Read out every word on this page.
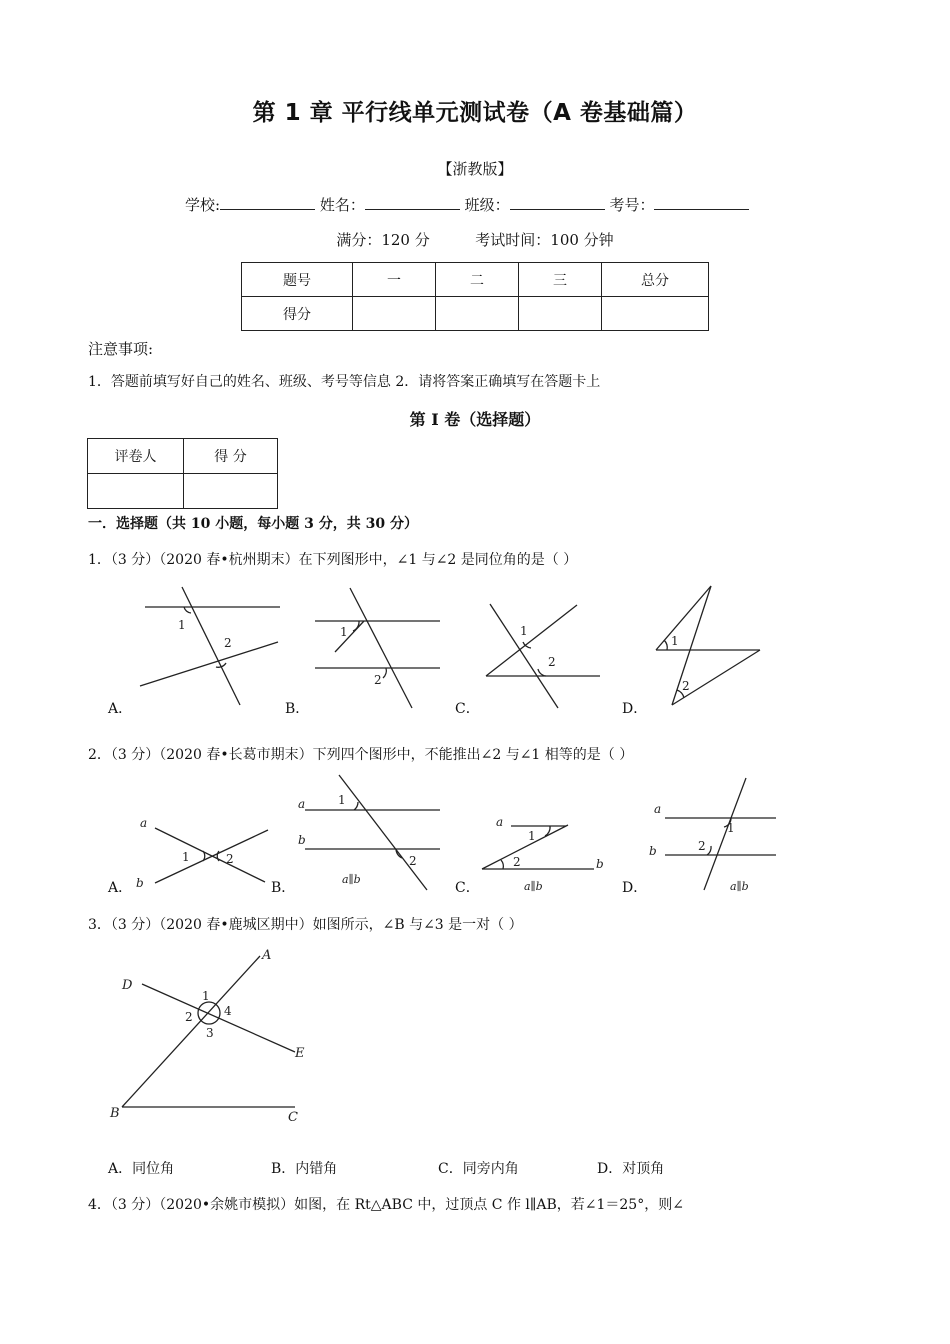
第 1 章 平行线单元测试卷（A 卷基础篇）
【浙教版】
学校:	姓名：	班级：	考号：
满分：120 分	考试时间：100 分钟
题号	一	二	三	总分
得分				
注意事项:
1．答题前填写好自己的姓名、班级、考号等信息 2．请将答案正确填写在答题卡上
第 I 卷（选择题）
评卷人	得 分

一．选择题（共 10 小题，每小题 3 分，共 30 分）
1．（3 分）（2020 春•杭州期末）在下列图形中，∠1 与∠2 是同位角的是（ ）
1
2
1
2
1
2
1
2
A．	B．	C．	D．
2．（3 分）（2020 春•长葛市期末）下列四个图形中，不能推出∠2 与∠1 相等的是（ ）
a
b
1	2
a
b
1
2
a∥b
a
b
1
2
a∥b
a
b
1
2
a∥b
A．	B．	C．	D．
3．（3 分）（2020 春•鹿城区期中）如图所示，∠B 与∠3 是一对（ ）
D
A
E
B	C
1
2
3
4
A．同位角	B．内错角	C．同旁内角	D．对顶角
4．（3 分）（2020•余姚市模拟）如图，在 Rt△ABC 中，过顶点 C 作 l∥AB，若∠1＝25°，则∠
